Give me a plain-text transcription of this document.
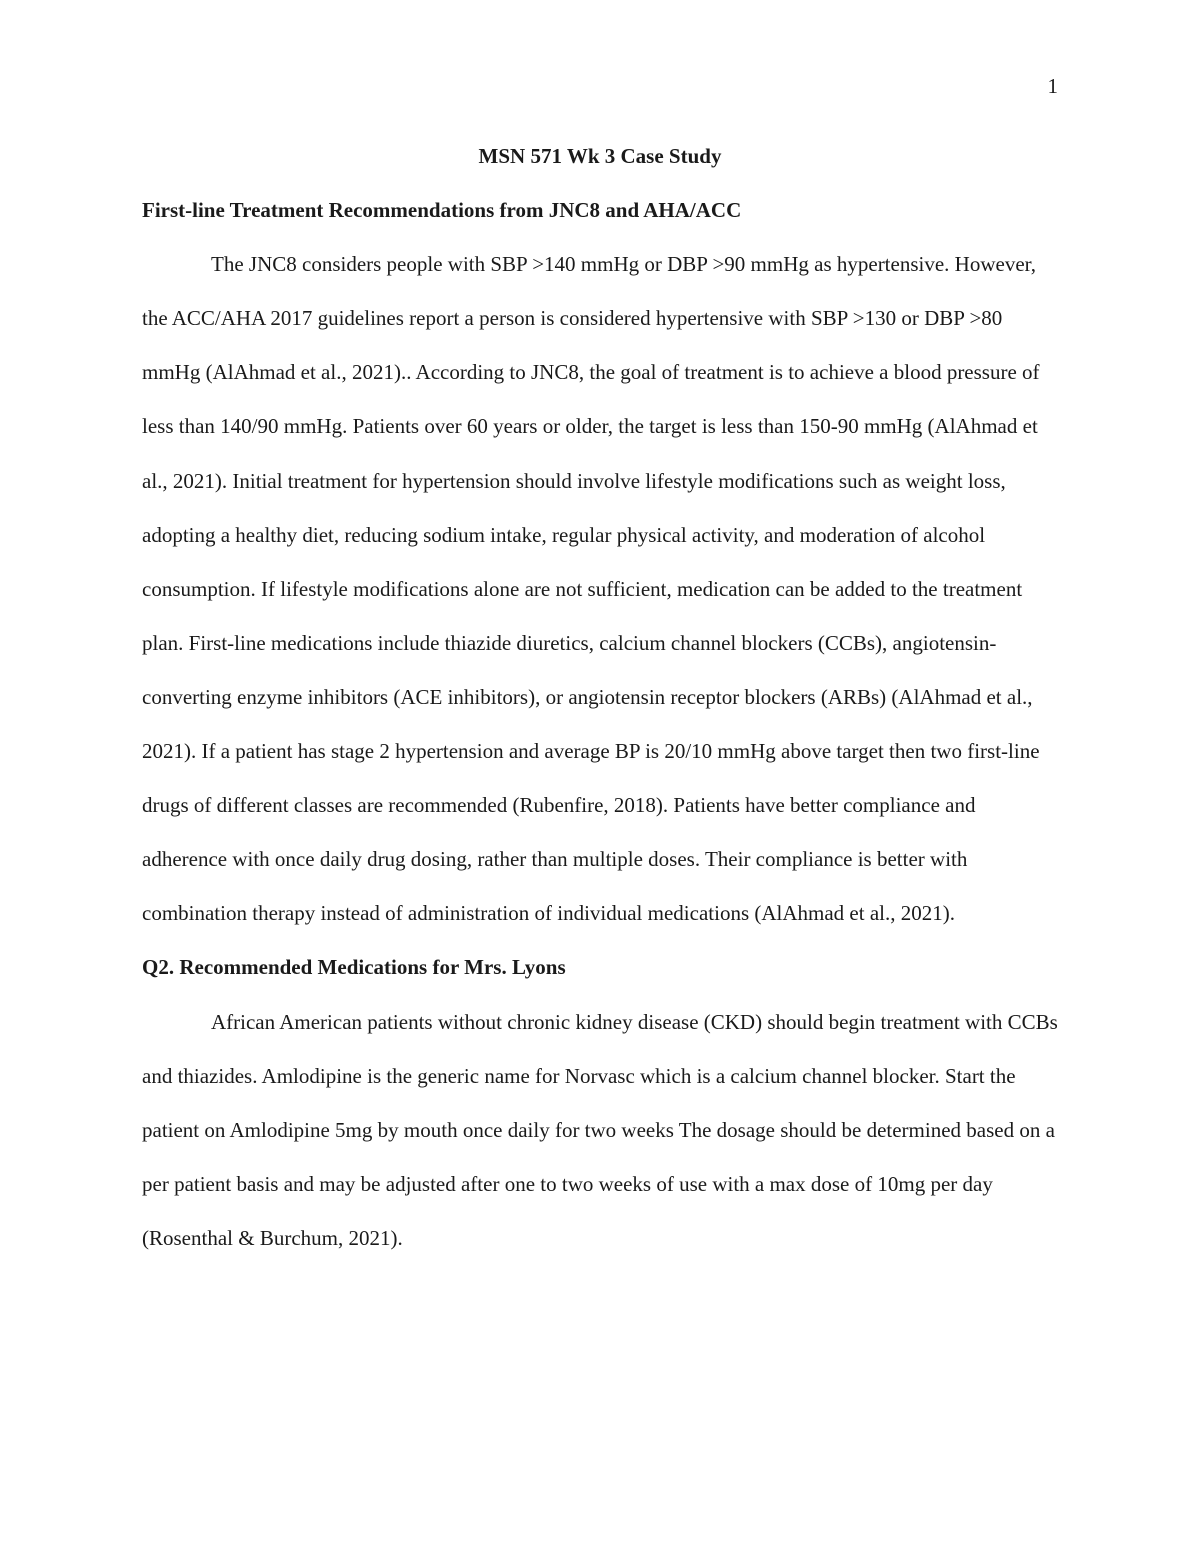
1
MSN 571 Wk 3 Case Study
First-line Treatment Recommendations from JNC8 and AHA/ACC

The JNC8 considers people with SBP >140 mmHg or DBP >90 mmHg as hypertensive. However, the ACC/AHA 2017 guidelines report a person is considered hypertensive with SBP >130 or DBP >80 mmHg (AlAhmad et al., 2021).. According to JNC8, the goal of treatment is to achieve a blood pressure of less than 140/90 mmHg. Patients over 60 years or older, the target is less than 150-90 mmHg (AlAhmad et al., 2021). Initial treatment for hypertension should involve lifestyle modifications such as weight loss, adopting a healthy diet, reducing sodium intake, regular physical activity, and moderation of alcohol consumption. If lifestyle modifications alone are not sufficient, medication can be added to the treatment plan. First-line medications include thiazide diuretics, calcium channel blockers (CCBs), angiotensin-converting enzyme inhibitors (ACE inhibitors), or angiotensin receptor blockers (ARBs) (AlAhmad et al., 2021). If a patient has stage 2 hypertension and average BP is 20/10 mmHg above target then two first-line drugs of different classes are recommended (Rubenfire, 2018). Patients have better compliance and adherence with once daily drug dosing, rather than multiple doses. Their compliance is better with combination therapy instead of administration of individual medications (AlAhmad et al., 2021).

Q2. Recommended Medications for Mrs. Lyons

African American patients without chronic kidney disease (CKD) should begin treatment with CCBs and thiazides. Amlodipine is the generic name for Norvasc which is a calcium channel blocker. Start the patient on Amlodipine 5mg by mouth once daily for two weeks The dosage should be determined based on a per patient basis and may be adjusted after one to two weeks of use with a max dose of 10mg per day (Rosenthal & Burchum, 2021).
